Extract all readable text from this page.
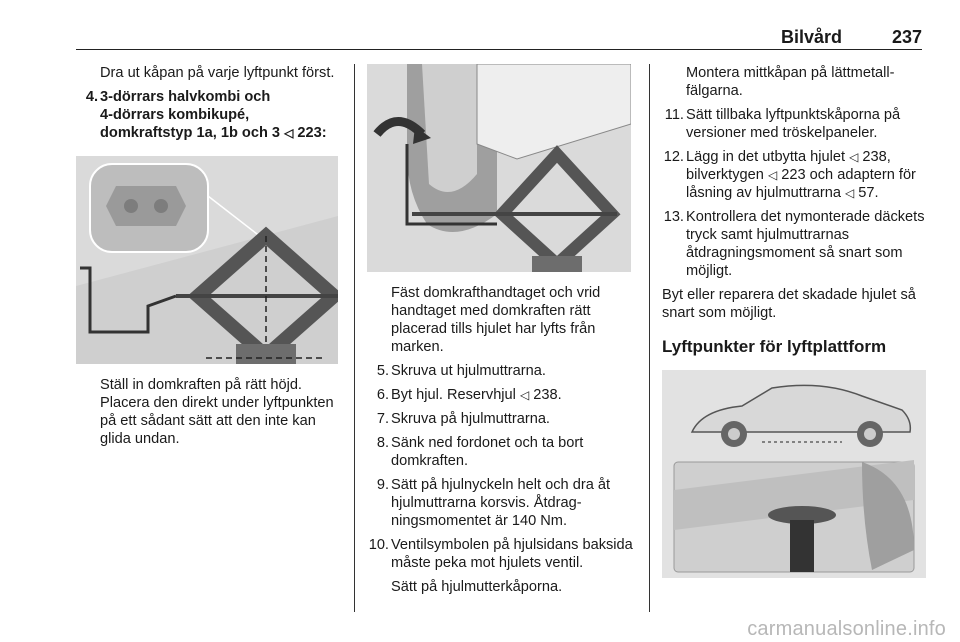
Bilvård	237
Dra ut kåpan på varje lyftpunkt först.
4. 3-dörrars halvkombi och
4-dörrars kombikupé,
domkraftstyp 1a, 1b och 3 ◁ 223:
Ställ in domkraften på rätt höjd. Placera den direkt under lyftpunkten på ett sådant sätt att den inte kan glida undan.
Fäst domkrafthandtaget och vrid handtaget med domkraften rätt placerad tills hjulet har lyfts från marken.
5. Skruva ut hjulmuttrarna.
6. Byt hjul. Reservhjul ◁ 238.
7. Skruva på hjulmuttrarna.
8. Sänk ned fordonet och ta bort domkraften.
9. Sätt på hjulnyckeln helt och dra åt hjulmuttrarna korsvis. Åtdragningsmomentet är 140 Nm.
10. Ventilsymbolen på hjulsidans baksida måste peka mot hjulets ventil.
Sätt på hjulmutterkåporna.
Montera mittkåpan på lättmetallfälgarna.
11. Sätt tillbaka lyftpunktskåporna på versioner med tröskelpaneler.
12. Lägg in det utbytta hjulet ◁ 238, bilverktygen ◁ 223 och adaptern för låsning av hjulmuttrarna ◁ 57.
13. Kontrollera det nymonterade däckets tryck samt hjulmuttrarnas åtdragningsmoment så snart som möjligt.
Byt eller reparera det skadade hjulet så snart som möjligt.
Lyftpunkter för lyftplattform
carmanualsonline.info
